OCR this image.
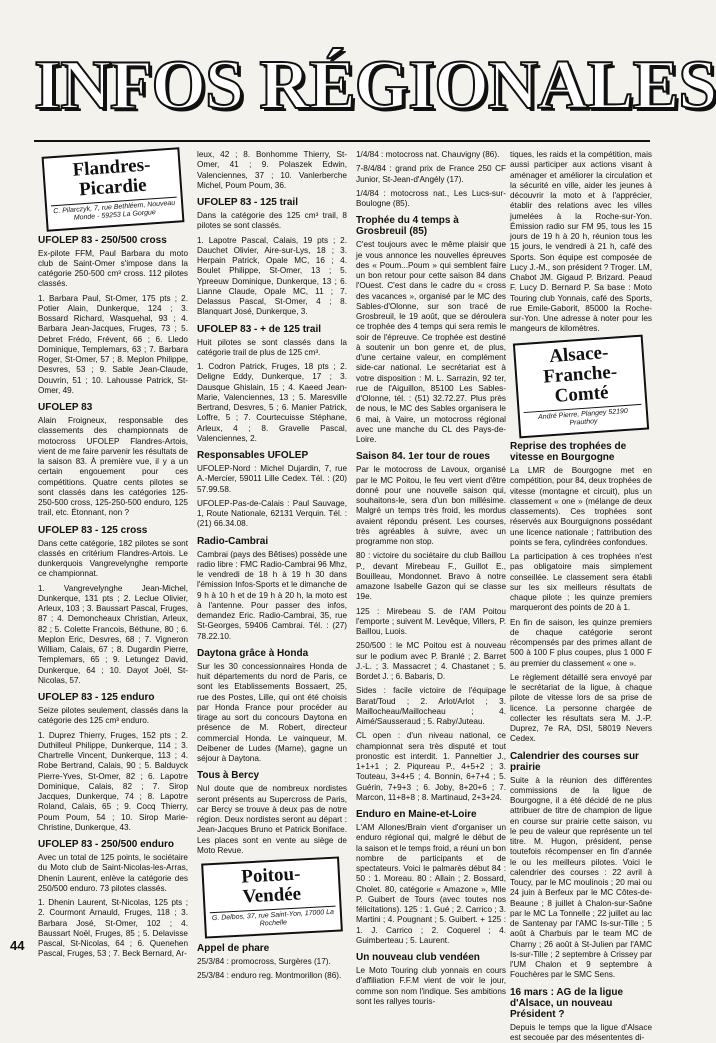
INFOS RÉGIONALES
Flandres-
Picardie
C. Pilarczyk, 7, rue Bethléem, Nouveau Monde - 59253 La Gorgue
UFOLEP 83 - 250/500 cross

Ex-pilote FFM, Paul Barbara du moto club de Saint-Omer s'impose dans la catégorie 250-500 cm³ cross. 112 pilotes classés.

1. Barbara Paul, St-Omer, 175 pts ; 2. Potier Alain, Dunkerque, 124 ; 3. Bossard Richard, Wasquehal, 93 ; 4. Barbara Jean-Jacques, Fruges, 73 ; 5. Debret Frédo, Frévent, 66 ; 6. Lledo Dominique, Templemars, 63 ; 7. Barbara Roger, St-Omer, 57 ; 8. Meplon Philippe, Desvres, 53 ; 9. Sable Jean-Claude, Douvrin, 51 ; 10. Lahousse Patrick, St-Omer, 49.

UFOLEP 83

Alain Froigneux, responsable des classements des championnats de motocross UFOLEP Flandres-Artois, vient de me faire parvenir les résultats de la saison 83. À première vue, il y a un certain engouement pour ces compétitions. Quatre cents pilotes se sont classés dans les catégories 125-250-500 cross, 125-250-500 enduro, 125 trail, etc. Étonnant, non ?

UFOLEP 83 - 125 cross

Dans cette catégorie, 182 pilotes se sont classés en critérium Flandres-Artois. Le dunkerquois Vangrevelynghe remporte ce championnat.

1. Vangrevelynghe Jean-Michel, Dunkerque, 131 pts ; 2. Leclue Olivier, Arleux, 103 ; 3. Baussart Pascal, Fruges, 87 ; 4. Demoncheaux Christian, Arleux, 82 ; 5. Colette Francois, Béthune, 80 ; 6. Meplon Eric, Desvres, 68 ; 7. Vigneron William, Calais, 67 ; 8. Dugardin Pierre, Templemars, 65 ; 9. Letungez David, Dunkerque, 64 ; 10. Dayot Joël, St-Nicolas, 57.

UFOLEP 83 - 125 enduro

Seize pilotes seulement, classés dans la catégorie des 125 cm³ enduro.

1. Duprez Thierry, Fruges, 152 pts ; 2. Duthilleul Philippe, Dunkerque, 114 ; 3. Chartrelle Vincent, Dunkerque, 113 ; 4. Robe Bertrand, Calais, 90 ; 5. Balduyck Pierre-Yves, St-Omer, 82 ; 6. Lapotre Dominique, Calais, 82 ; 7. Sirop Jacques, Dunkerque, 74 ; 8. Lapotre Roland, Calais, 65 ; 9. Cocq Thierry, Poum Poum, 54 ; 10. Sirop Marie-Christine, Dunkerque, 43.

UFOLEP 83 - 250/500 enduro

Avec un total de 125 points, le sociétaire du Moto club de Saint-Nicolas-les-Arras, Dhenin Laurent, enlève la catégorie des 250/500 enduro. 73 pilotes classés.

1. Dhenin Laurent, St-Nicolas, 125 pts ; 2. Courmont Arnauld, Fruges, 118 ; 3. Barbara José, St-Omer, 102 ; 4. Baussart Noël, Fruges, 85 ; 5. Delavisse Pascal, St-Nicolas, 64 ; 6. Quenehen Pascal, Fruges, 53 ; 7. Beck Bernard, Ar-

leux, 42 ; 8. Bonhomme Thierry, St-Omer, 41 ; 9. Polaszek Edwin, Valenciennes, 37 ; 10. Vanlerberche Michel, Poum Poum, 36.

UFOLEP 83 - 125 trail

Dans la catégorie des 125 cm³ trail, 8 pilotes se sont classés.

1. Lapotre Pascal, Calais, 19 pts ; 2. Dauchet Olivier, Aire-sur-Lys, 18 ; 3. Herpain Patrick, Opale MC, 16 ; 4. Boulet Philippe, St-Omer, 13 ; 5. Ypreeuw Dominique, Dunkerque, 13 ; 6. Lianne Claude, Opale MC, 11 ; 7. Delassus Pascal, St-Omer, 4 ; 8. Blanquart José, Dunkerque, 3.

UFOLEP 83 - + de 125 trail

Huit pilotes se sont classés dans la catégorie trail de plus de 125 cm³.

1. Codron Patrick, Fruges, 18 pts ; 2. Deligne Eddy, Dunkerque, 17 ; 3. Dausque Ghislain, 15 ; 4. Kaeed Jean-Marie, Valenciennes, 13 ; 5. Maresville Bertrand, Desvres, 5 ; 6. Manier Patrick, Loffre, 5 ; 7. Courtecuisse Stéphane, Arleux, 4 ; 8. Gravelle Pascal, Valenciennes, 2.

Responsables UFOLEP

UFOLEP-Nord : Michel Dujardin, 7, rue A.-Mercier, 59011 Lille Cedex. Tél. : (20) 57.99.58.

UFOLEP-Pas-de-Calais : Paul Sauvage, 1, Route Nationale, 62131 Verquin. Tél. : (21) 66.34.08.

Radio-Cambrai

Cambrai (pays des Bêtises) possède une radio libre : FMC Radio-Cambrai 96 Mhz, le vendredi de 18 h à 19 h 30 dans l'émission Infos-Sports et le dimanche de 9 h à 10 h et de 19 h à 20 h, la moto est à l'antenne. Pour passer des infos, demandez Eric. Radio-Cambrai, 35, rue St-Georges, 59406 Cambrai. Tél. : (27) 78.22.10.

Daytona grâce à Honda

Sur les 30 concessionnaires Honda de huit départements du nord de Paris, ce sont les Etablissements Bossaert, 25, rue des Postes, Lille, qui ont été choisis par Honda France pour procéder au tirage au sort du concours Daytona en présence de M. Robert, directeur commercial Honda. Le vainqueur, M. Deibener de Ludes (Marne), gagne un séjour à Daytona.

Tous à Bercy

Nul doute que de nombreux nordistes seront présents au Supercross de Paris, car Bercy se trouve à deux pas de notre région. Deux nordistes seront au départ : Jean-Jacques Bruno et Patrick Boniface. Les places sont en vente au siège de Moto Revue.

Poitou-
Vendée
G. Delbos, 37, rue Saint-Yon, 17000 La Rochelle
Appel de phare

25/3/84 : promocross, Surgères (17).

25/3/84 : enduro reg. Montmorillon (86).

1/4/84 : motocross nat. Chauvigny (86).

7-8/4/84 : grand prix de France 250 CF Junior, St-Jean-d'Angély (17).

1/4/84 : motocross nat., Les Lucs-sur-Boulogne (85).

Trophée du 4 temps à Grosbreuil (85)

C'est toujours avec le même plaisir que je vous annonce les nouvelles épreuves des « Poum...Poum » qui semblent faire un bon retour pour cette saison 84 dans l'Ouest. C'est dans le cadre du « cross des vacances », organisé par le MC des Sables-d'Olonne, sur son tracé de Grosbreuil, le 19 août, que se déroulera ce trophée des 4 temps qui sera remis le soir de l'épreuve. Ce trophée est destiné à soutenir un bon genre et, de plus, d'une certaine valeur, en complément side-car national. Le secrétariat est à votre disposition : M. L. Sarrazin, 92 ter, rue de l'Aiguillon, 85100 Les Sables-d'Olonne, tél. : (51) 32.72.27. Plus près de nous, le MC des Sables organisera le 6 mai, à Vaire, un motocross régional avec une manche du CL des Pays-de-Loire.

Saison 84. 1er tour de roues

Par le motocross de Lavoux, organisé par le MC Poitou, le feu vert vient d'être donné pour une nouvelle saison qui, souhaitons-le, sera d'un bon millésime. Malgré un temps très froid, les mordus avaient répondu présent. Les courses, très agréables à suivre, avec un programme non stop.

80 : victoire du sociétaire du club Baillou P., devant Mirebeau F., Guillot E., Bouilleau, Mondonnet. Bravo à notre amazone Isabelle Gazon qui se classe 19e.

125 : Mirebeau S. de l'AM Poitou l'emporte ; suivent M. Levêque, Villers, P. Baillou, Luois.

250/500 : le MC Poitou est à nouveau sur le podium avec P. Branlé ; 2. Barret J.-L. ; 3. Massacret ; 4. Chastanet ; 5. Bordet J. ; 6. Babaris, D.

Sides : facile victoire de l'équipage Barat/Toud ; 2. Arlot/Arlot ; 3. Maillocheau/Maillocheau ; 4. Aimé/Sausseraud ; 5. Raby/Juteau.

CL open : d'un niveau national, ce championnat sera très disputé et tout pronostic est interdit. 1. Panneltier J., 1+1+1 ; 2. Piqureau P., 4+5+2 ; 3. Touteau, 3+4+5 ; 4. Bonnin, 6+7+4 ; 5. Guérin, 7+9+3 ; 6. Joby, 8+20+6 ; 7. Marcon, 11+8+8 ; 8. Martinaud, 2+3+24.

Enduro en Maine-et-Loire

L'AM Allones/Brain vient d'organiser un enduro régional qui, malgré le début de la saison et le temps froid, a réuni un bon nombre de participants et de spectateurs. Voici le palmarès début 84 : 50 : 1. Moreau. 80 : Allain ; 2. Bossard, Cholet. 80, catégorie « Amazone », Mlle P. Guibert de Tours (avec toutes nos félicitations). 125 : 1. Gué ; 2. Carrico ; 3. Martini ; 4. Pougnant ; 5. Guibert. + 125 : 1. J. Carrico ; 2. Coquerel ; 4. Guimberteau ; 5. Laurent.

Un nouveau club vendéen

Le Moto Touring club yonnais en cours d'affiliation F.F.M vient de voir le jour, comme son nom l'indique. Ses ambitions sont les rallyes touris-

tiques, les raids et la compétition, mais aussi participer aux actions visant à aménager et améliorer la circulation et la sécurité en ville, aider les jeunes à découvrir la moto et à l'apprécier, établir des relations avec les villes jumelées à la Roche-sur-Yon. Émission radio sur FM 95, tous les 15 jours de 19 h à 20 h, réunion tous les 15 jours, le vendredi à 21 h, café des Sports. Son équipe est composée de Lucy J.-M., son président ? Troger. LM, Chabot JM. Gigaud P. Brizard. Peaud F. Lucy D. Bernard P. Sa base : Moto Touring club Yonnais, café des Sports, rue Emile-Gaborit, 85000 la Roche-sur-Yon. Une adresse à noter pour les mangeurs de kilomètres.

Alsace-
Franche-
Comté
André Pierre, Plangey 52190 Prauthoy
Reprise des trophées de vitesse en Bourgogne

La LMR de Bourgogne met en compétition, pour 84, deux trophées de vitesse (montagne et circuit), plus un classement « one » (mélange de deux classements). Ces trophées sont réservés aux Bourguignons possédant une licence nationale ; l'attribution des points se fera, cylindrées confondues.

La participation à ces trophées n'est pas obligatoire mais simplement conseillée. Le classement sera établi sur les six meilleurs résultats de chaque pilote ; les quinze premiers marqueront des points de 20 à 1.

En fin de saison, les quinze premiers de chaque catégorie seront récompensés par des primes allant de 500 à 100 F plus coupes, plus 1 000 F au premier du classement « one ».

Le règlement détaillé sera envoyé par le secrétariat de la ligue, à chaque pilote de vitesse lors de sa prise de licence. La personne chargée de collecter les résultats sera M. J.-P. Duprez, 7e RA, DSI, 58019 Nevers Cedex.

Calendrier des courses sur prairie

Suite à la réunion des différentes commissions de la ligue de Bourgogne, il a été décidé de ne plus attribuer de titre de champion de ligue en course sur prairie cette saison, vu le peu de valeur que représente un tel titre. M. Hugon, président, pense toutefois récompenser en fin d'année le ou les meilleurs pilotes. Voici le calendrier des courses : 22 avril à Toucy, par le MC moulinois ; 20 mai ou 24 juin à Berfeux par le MC Côtes-de-Beaune ; 8 juillet à Chalon-sur-Saône par le MC La Tonnelle ; 22 juillet au lac de Santenay par l'AMC Is-sur-Tille ; 5 août à Charbuis par le team MC de Charny ; 26 août à St-Julien par l'AMC Is-sur-Tille ; 2 septembre à Crissey par l'UM Chalon et 9 septembre à Fouchères par le SMC Sens.

16 mars : AG de la ligue d'Alsace, un nouveau Président ?

Depuis le temps que la ligue d'Alsace est secouée par des mésententes di-

44
